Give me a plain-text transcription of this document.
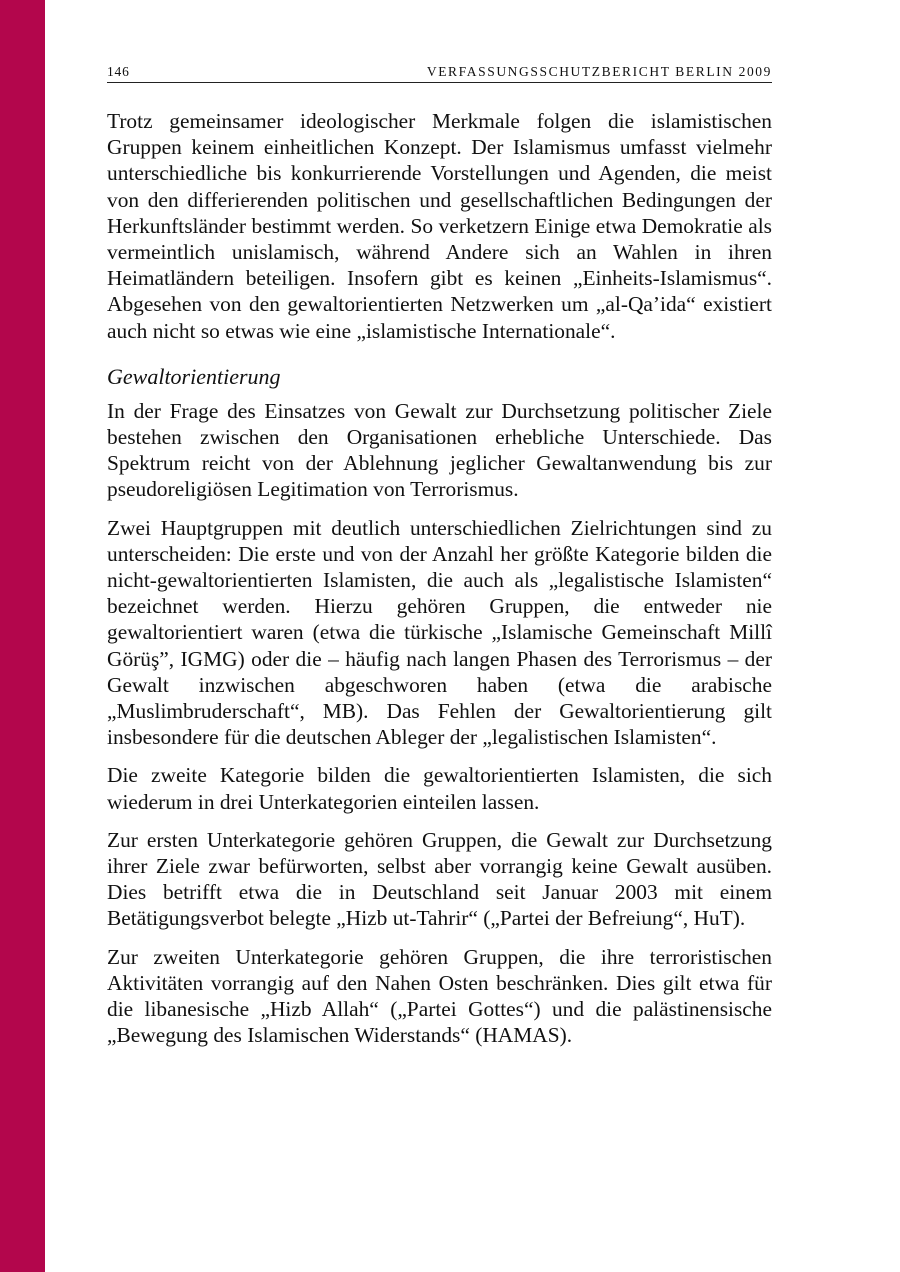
146	VERFASSUNGSSCHUTZBERICHT BERLIN 2009

Trotz gemeinsamer ideologischer Merkmale folgen die islamistischen Gruppen keinem einheitlichen Konzept. Der Islamismus umfasst vielmehr unterschiedliche bis konkurrierende Vorstellungen und Agenden, die meist von den differierenden politischen und gesellschaftlichen Bedingungen der Herkunftsländer bestimmt werden. So verketzern Einige etwa Demokratie als vermeintlich unislamisch, während Andere sich an Wahlen in ihren Heimatländern beteiligen. Insofern gibt es keinen „Einheits-Islamismus“. Abgesehen von den gewaltorientierten Netzwerken um „al-Qa’ida“ existiert auch nicht so etwas wie eine „islamistische Internationale“.

Gewaltorientierung

In der Frage des Einsatzes von Gewalt zur Durchsetzung politischer Ziele bestehen zwischen den Organisationen erhebliche Unterschiede. Das Spektrum reicht von der Ablehnung jeglicher Gewaltanwendung bis zur pseudoreligiösen Legitimation von Terrorismus.

Zwei Hauptgruppen mit deutlich unterschiedlichen Zielrichtungen sind zu unterscheiden: Die erste und von der Anzahl her größte Kategorie bilden die nicht-gewaltorientierten Islamisten, die auch als „legalistische Islamisten“ bezeichnet werden. Hierzu gehören Gruppen, die entweder nie gewaltorientiert waren (etwa die türkische „Islamische Gemeinschaft Millî Görüş”, IGMG) oder die – häufig nach langen Phasen des Terrorismus – der Gewalt inzwischen abgeschworen haben (etwa die arabische „Muslimbruderschaft“, MB). Das Fehlen der Gewaltorientierung gilt insbesondere für die deutschen Ableger der „legalistischen Islamisten“.

Die zweite Kategorie bilden die gewaltorientierten Islamisten, die sich wiederum in drei Unterkategorien einteilen lassen.

Zur ersten Unterkategorie gehören Gruppen, die Gewalt zur Durchsetzung ihrer Ziele zwar befürworten, selbst aber vorrangig keine Gewalt ausüben. Dies betrifft etwa die in Deutschland seit Januar 2003 mit einem Betätigungsverbot belegte „Hizb ut-Tahrir“ („Partei der Befreiung“, HuT).

Zur zweiten Unterkategorie gehören Gruppen, die ihre terroristischen Aktivitäten vorrangig auf den Nahen Osten beschränken. Dies gilt etwa für die libanesische „Hizb Allah“ („Partei Gottes“) und die palästinensische „Bewegung des Islamischen Widerstands“ (HAMAS).
